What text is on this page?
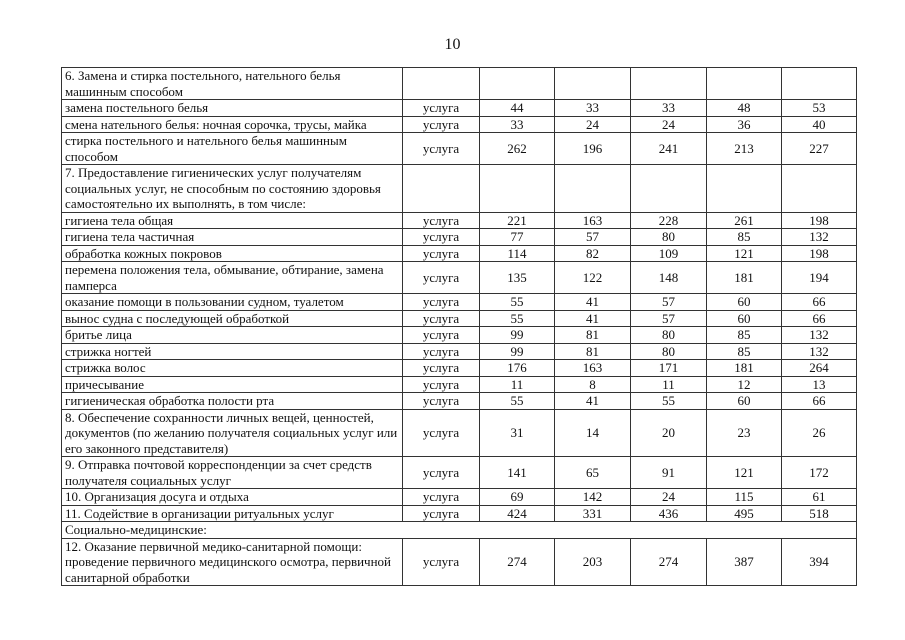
10
6. Замена и стирка постельного, нательного белья машинным способом						
замена постельного белья	услуга	44	33	33	48	53
смена нательного белья: ночная сорочка, трусы, майка	услуга	33	24	24	36	40
стирка постельного и нательного белья машинным способом	услуга	262	196	241	213	227
7. Предоставление гигиенических услуг получателям социальных услуг, не способным по состоянию здоровья самостоятельно их выполнять, в том числе:						
гигиена тела общая	услуга	221	163	228	261	198
гигиена тела частичная	услуга	77	57	80	85	132
обработка кожных покровов	услуга	114	82	109	121	198
перемена положения тела, обмывание, обтирание, замена памперса	услуга	135	122	148	181	194
оказание помощи в пользовании судном, туалетом	услуга	55	41	57	60	66
вынос судна с последующей обработкой	услуга	55	41	57	60	66
бритье лица	услуга	99	81	80	85	132
стрижка ногтей	услуга	99	81	80	85	132
стрижка волос	услуга	176	163	171	181	264
причесывание	услуга	11	8	11	12	13
гигиеническая обработка полости рта	услуга	55	41	55	60	66
8. Обеспечение сохранности личных вещей, ценностей, документов (по желанию получателя социальных услуг или его законного представителя)	услуга	31	14	20	23	26
9. Отправка почтовой корреспонденции за счет средств получателя социальных услуг	услуга	141	65	91	121	172
10. Организация досуга и отдыха	услуга	69	142	24	115	61
11. Содействие в организации ритуальных услуг	услуга	424	331	436	495	518
Социально-медицинские:						
12. Оказание первичной медико-санитарной помощи: проведение первичного медицинского осмотра, первичной санитарной обработки	услуга	274	203	274	387	394
